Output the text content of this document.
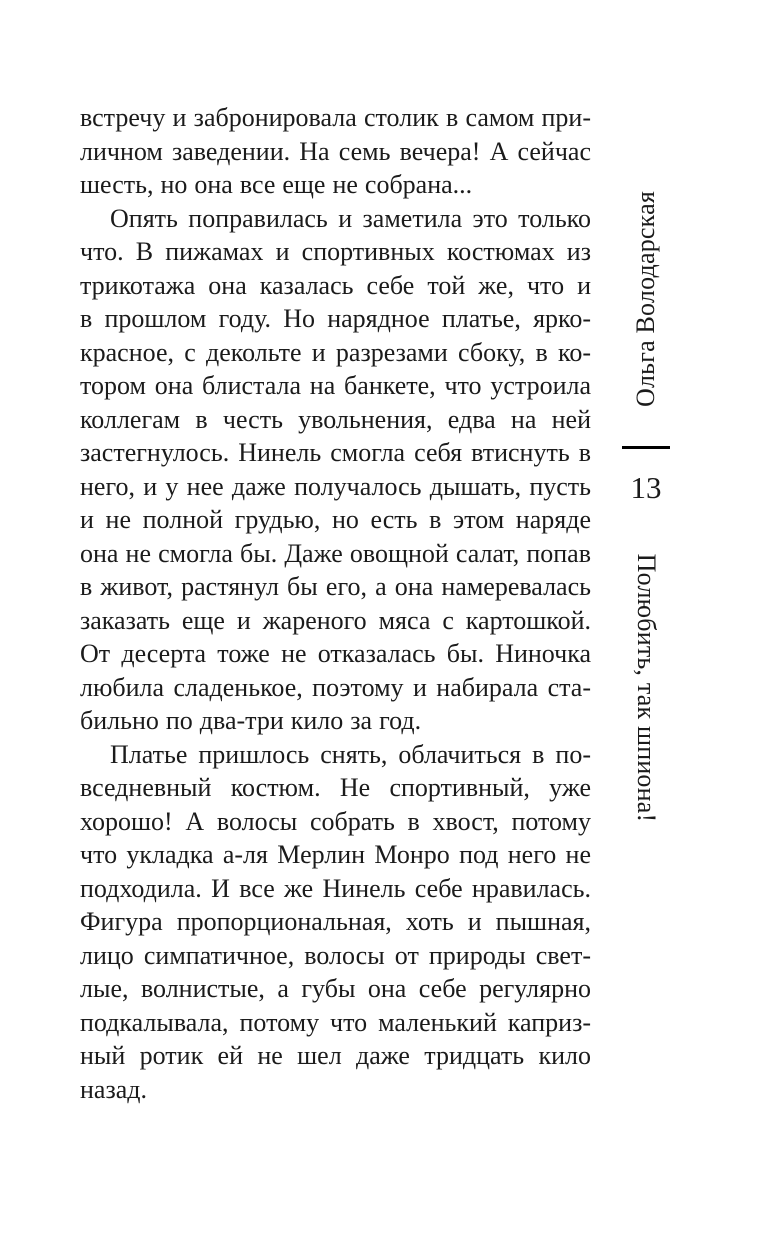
встречу и забронировала столик в самом при-
личном заведении. На семь вечера! А сейчас
шесть, но она все еще не собрана...
Опять поправилась и заметила это только
что. В пижамах и спортивных костюмах из
трикотажа она казалась себе той же, что и
в прошлом году. Но нарядное платье, ярко-
красное, с декольте и разрезами сбоку, в ко-
тором она блистала на банкете, что устроила
коллегам в честь увольнения, едва на ней
застегнулось. Нинель смогла себя втиснуть в
него, и у нее даже получалось дышать, пусть
и не полной грудью, но есть в этом наряде
она не смогла бы. Даже овощной салат, попав
в живот, растянул бы его, а она намеревалась
заказать еще и жареного мяса с картошкой.
От десерта тоже не отказалась бы. Ниночка
любила сладенькое, поэтому и набирала ста-
бильно по два-три кило за год.
Платье пришлось снять, облачиться в по-
вседневный костюм. Не спортивный, уже
хорошо! А волосы собрать в хвост, потому
что укладка а-ля Мерлин Монро под него не
подходила. И все же Нинель себе нравилась.
Фигура пропорциональная, хоть и пышная,
лицо симпатичное, волосы от природы свет-
лые, волнистые, а губы она себе регулярно
подкалывала, потому что маленький каприз-
ный ротик ей не шел даже тридцать кило
назад.
Ольга Володарская
13
Полюбить, так шпиона!
